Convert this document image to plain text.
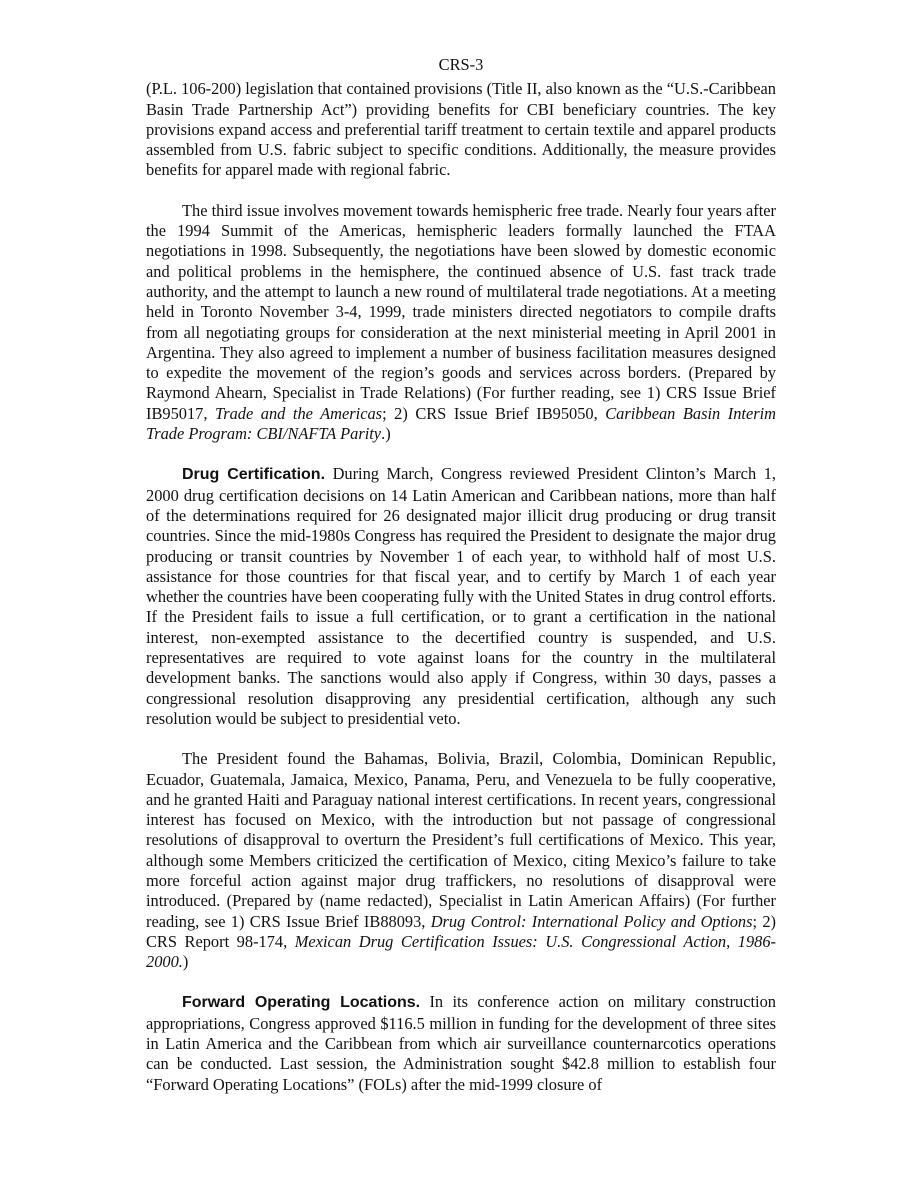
CRS-3

(P.L. 106-200) legislation that contained provisions (Title II, also known as the “U.S.-Caribbean Basin Trade Partnership Act”) providing benefits for CBI beneficiary countries. The key provisions expand access and preferential tariff treatment to certain textile and apparel products assembled from U.S. fabric subject to specific conditions. Additionally, the measure provides benefits for apparel made with regional fabric.

The third issue involves movement towards hemispheric free trade. Nearly four years after the 1994 Summit of the Americas, hemispheric leaders formally launched the FTAA negotiations in 1998. Subsequently, the negotiations have been slowed by domestic economic and political problems in the hemisphere, the continued absence of U.S. fast track trade authority, and the attempt to launch a new round of multilateral trade negotiations. At a meeting held in Toronto November 3-4, 1999, trade ministers directed negotiators to compile drafts from all negotiating groups for consideration at the next ministerial meeting in April 2001 in Argentina. They also agreed to implement a number of business facilitation measures designed to expedite the movement of the region’s goods and services across borders. (Prepared by Raymond Ahearn, Specialist in Trade Relations) (For further reading, see 1) CRS Issue Brief IB95017, Trade and the Americas; 2) CRS Issue Brief IB95050, Caribbean Basin Interim Trade Program: CBI/NAFTA Parity.)

Drug Certification. During March, Congress reviewed President Clinton’s March 1, 2000 drug certification decisions on 14 Latin American and Caribbean nations, more than half of the determinations required for 26 designated major illicit drug producing or drug transit countries. Since the mid-1980s Congress has required the President to designate the major drug producing or transit countries by November 1 of each year, to withhold half of most U.S. assistance for those countries for that fiscal year, and to certify by March 1 of each year whether the countries have been cooperating fully with the United States in drug control efforts. If the President fails to issue a full certification, or to grant a certification in the national interest, non-exempted assistance to the decertified country is suspended, and U.S. representatives are required to vote against loans for the country in the multilateral development banks. The sanctions would also apply if Congress, within 30 days, passes a congressional resolution disapproving any presidential certification, although any such resolution would be subject to presidential veto.

The President found the Bahamas, Bolivia, Brazil, Colombia, Dominican Republic, Ecuador, Guatemala, Jamaica, Mexico, Panama, Peru, and Venezuela to be fully cooperative, and he granted Haiti and Paraguay national interest certifications. In recent years, congressional interest has focused on Mexico, with the introduction but not passage of congressional resolutions of disapproval to overturn the President’s full certifications of Mexico. This year, although some Members criticized the certification of Mexico, citing Mexico’s failure to take more forceful action against major drug traffickers, no resolutions of disapproval were introduced. (Prepared by (name redacted), Specialist in Latin American Affairs) (For further reading, see 1) CRS Issue Brief IB88093, Drug Control: International Policy and Options; 2) CRS Report 98-174, Mexican Drug Certification Issues: U.S. Congressional Action, 1986-2000.)

Forward Operating Locations. In its conference action on military construction appropriations, Congress approved $116.5 million in funding for the development of three sites in Latin America and the Caribbean from which air surveillance counternarcotics operations can be conducted. Last session, the Administration sought $42.8 million to establish four “Forward Operating Locations” (FOLs) after the mid-1999 closure of
